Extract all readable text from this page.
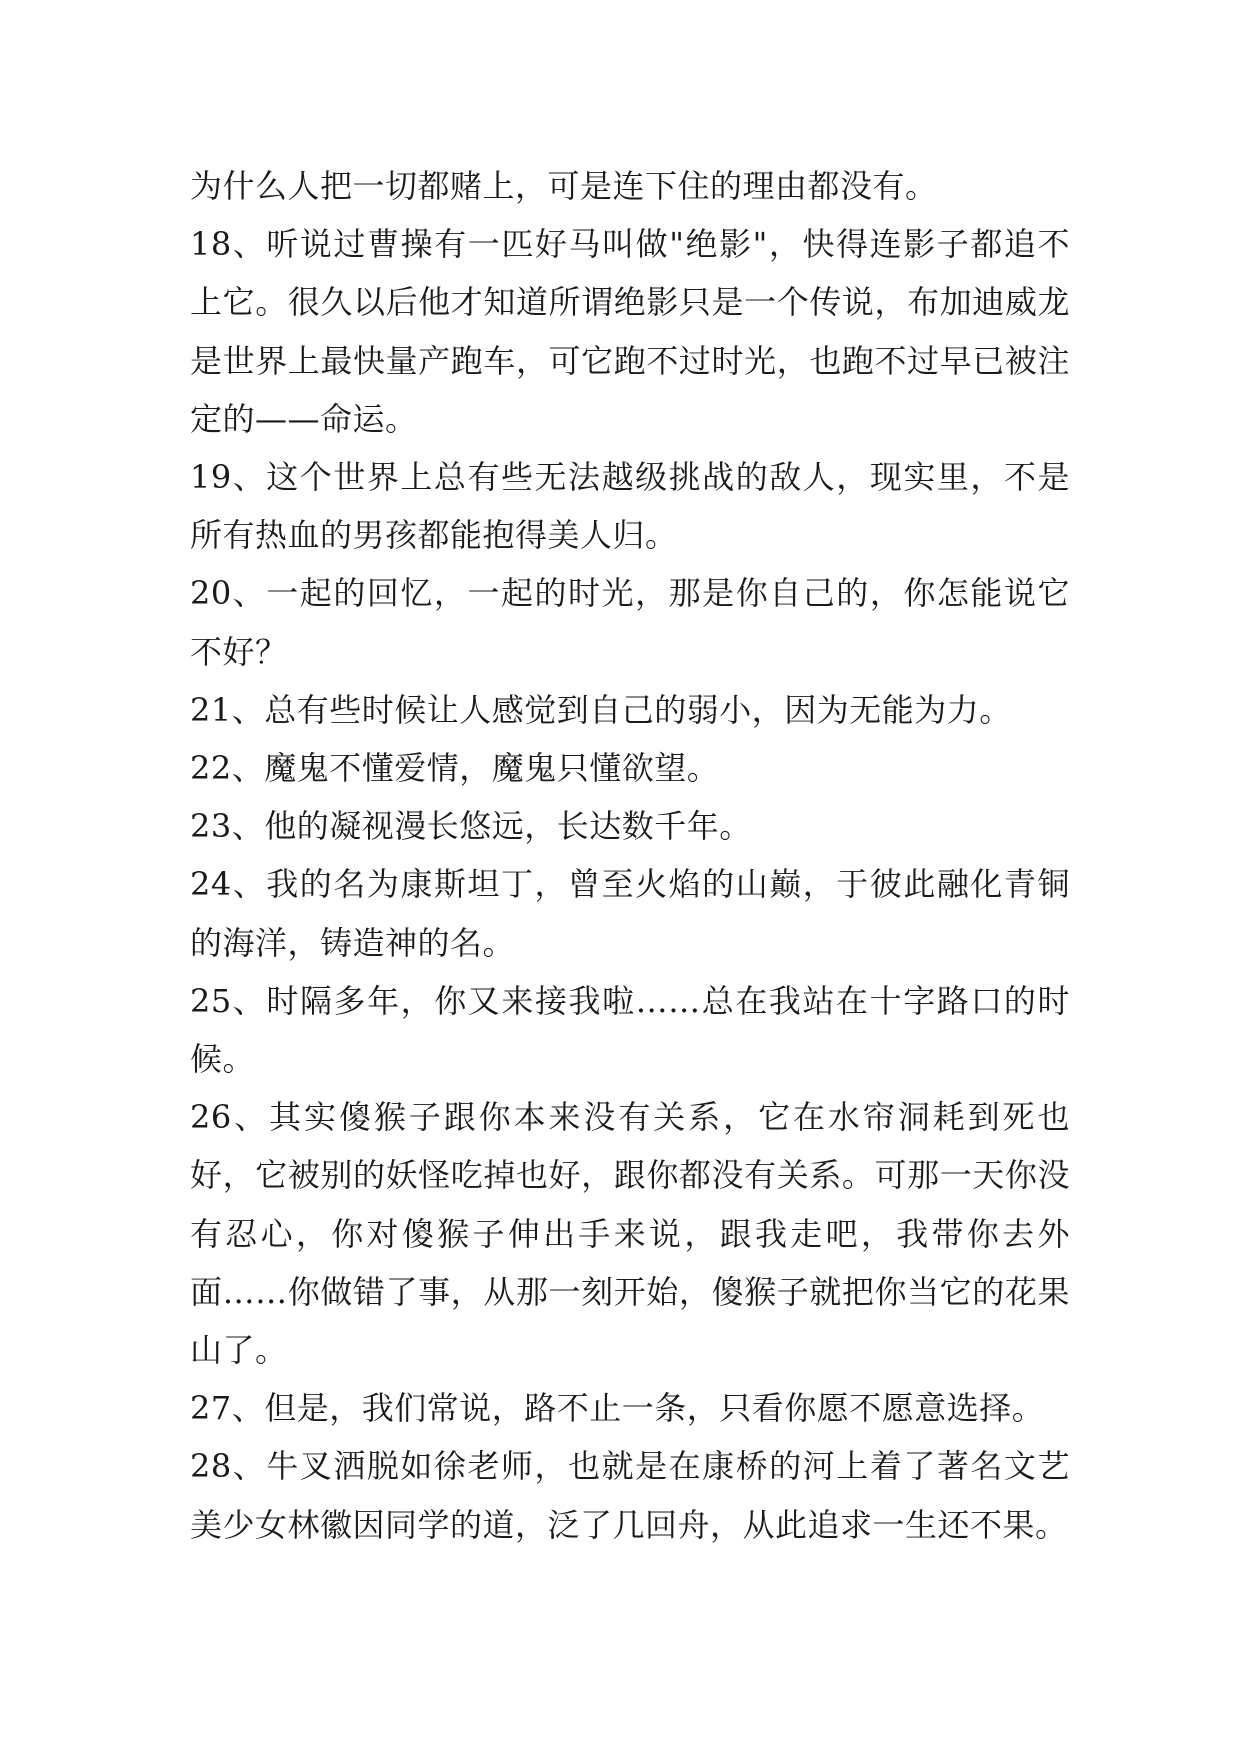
为什么人把一切都赌上，可是连下住的理由都没有。

18、听说过曹操有一匹好马叫做"绝影"，快得连影子都追不上它。很久以后他才知道所谓绝影只是一个传说，布加迪威龙是世界上最快量产跑车，可它跑不过时光，也跑不过早已被注定的——命运。

19、这个世界上总有些无法越级挑战的敌人，现实里，不是所有热血的男孩都能抱得美人归。

20、一起的回忆，一起的时光，那是你自己的，你怎能说它不好？

21、总有些时候让人感觉到自己的弱小，因为无能为力。

22、魔鬼不懂爱情，魔鬼只懂欲望。

23、他的凝视漫长悠远，长达数千年。

24、我的名为康斯坦丁，曾至火焰的山巅，于彼此融化青铜的海洋，铸造神的名。

25、时隔多年，你又来接我啦……总在我站在十字路口的时候。

26、其实傻猴子跟你本来没有关系，它在水帘洞耗到死也好，它被别的妖怪吃掉也好，跟你都没有关系。可那一天你没有忍心，你对傻猴子伸出手来说，跟我走吧，我带你去外面……你做错了事，从那一刻开始，傻猴子就把你当它的花果山了。

27、但是，我们常说，路不止一条，只看你愿不愿意选择。

28、牛叉洒脱如徐老师，也就是在康桥的河上着了著名文艺美少女林徽因同学的道，泛了几回舟，从此追求一生还不果。
